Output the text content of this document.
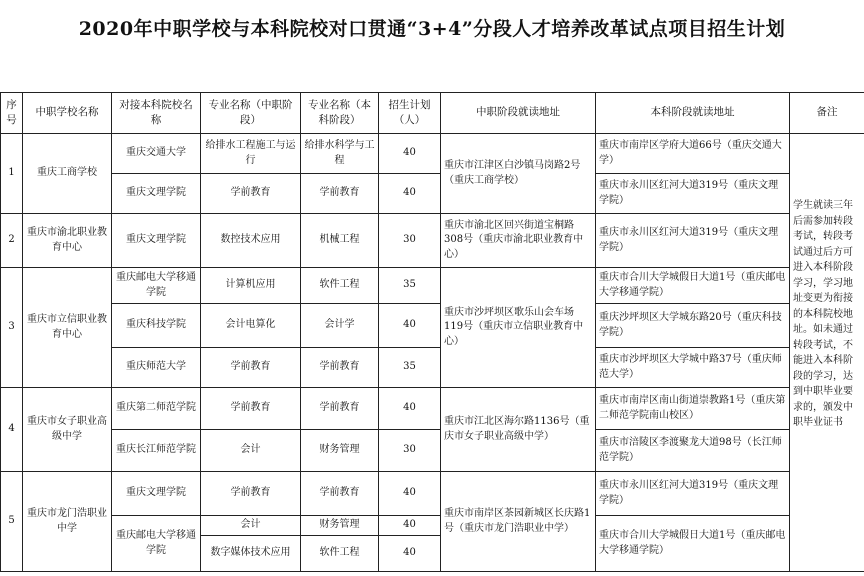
2020年中职学校与本科院校对口贯通“3+4”分段人才培养改革试点项目招生计划
序号	中职学校名称	对接本科院校名称	专业名称（中职阶段）	专业名称（本科阶段）	招生计划（人）	中职阶段就读地址	本科阶段就读地址	备注
1	重庆工商学校	重庆交通大学	给排水工程施工与运行	给排水科学与工程	40	重庆市江津区白沙镇马岗路2号（重庆工商学校）	重庆市南岸区学府大道66号（重庆交通大学）	学生就读三年后需参加转段考试，转段考试通过后方可进入本科阶段学习，学习地址变更为衔接的本科院校地址。如未通过转段考试，不能进入本科阶段的学习，达到中职毕业要求的，颁发中职毕业证书
		重庆文理学院	学前教育	学前教育	40		重庆市永川区红河大道319号（重庆文理学院）	
2	重庆市渝北职业教育中心	重庆文理学院	数控技术应用	机械工程	30	重庆市渝北区回兴街道宝桐路308号（重庆市渝北职业教育中心）	重庆市永川区红河大道319号（重庆文理学院）	
3	重庆市立信职业教育中心	重庆邮电大学移通学院	计算机应用	软件工程	35	重庆市沙坪坝区歌乐山会车场119号（重庆市立信职业教育中心）	重庆市合川大学城假日大道1号（重庆邮电大学移通学院）	
		重庆科技学院	会计电算化	会计学	40		重庆沙坪坝区大学城东路20号（重庆科技学院）	
		重庆师范大学	学前教育	学前教育	35		重庆市沙坪坝区大学城中路37号（重庆师范大学）	
4	重庆市女子职业高级中学	重庆第二师范学院	学前教育	学前教育	40	重庆市江北区海尔路1136号（重庆市女子职业高级中学）	重庆市南岸区南山街道崇教路1号（重庆第二师范学院南山校区）	
		重庆长江师范学院	会计	财务管理	30		重庆市涪陵区李渡聚龙大道98号（长江师范学院）	
5	重庆市龙门浩职业中学	重庆文理学院	学前教育	学前教育	40	重庆市南岸区茶园新城区长庆路1号（重庆市龙门浩职业中学）	重庆市永川区红河大道319号（重庆文理学院）	
		重庆邮电大学移通学院	会计	财务管理	40		重庆市合川大学城假日大道1号（重庆邮电大学移通学院）	
			数字媒体技术应用	软件工程	40			
